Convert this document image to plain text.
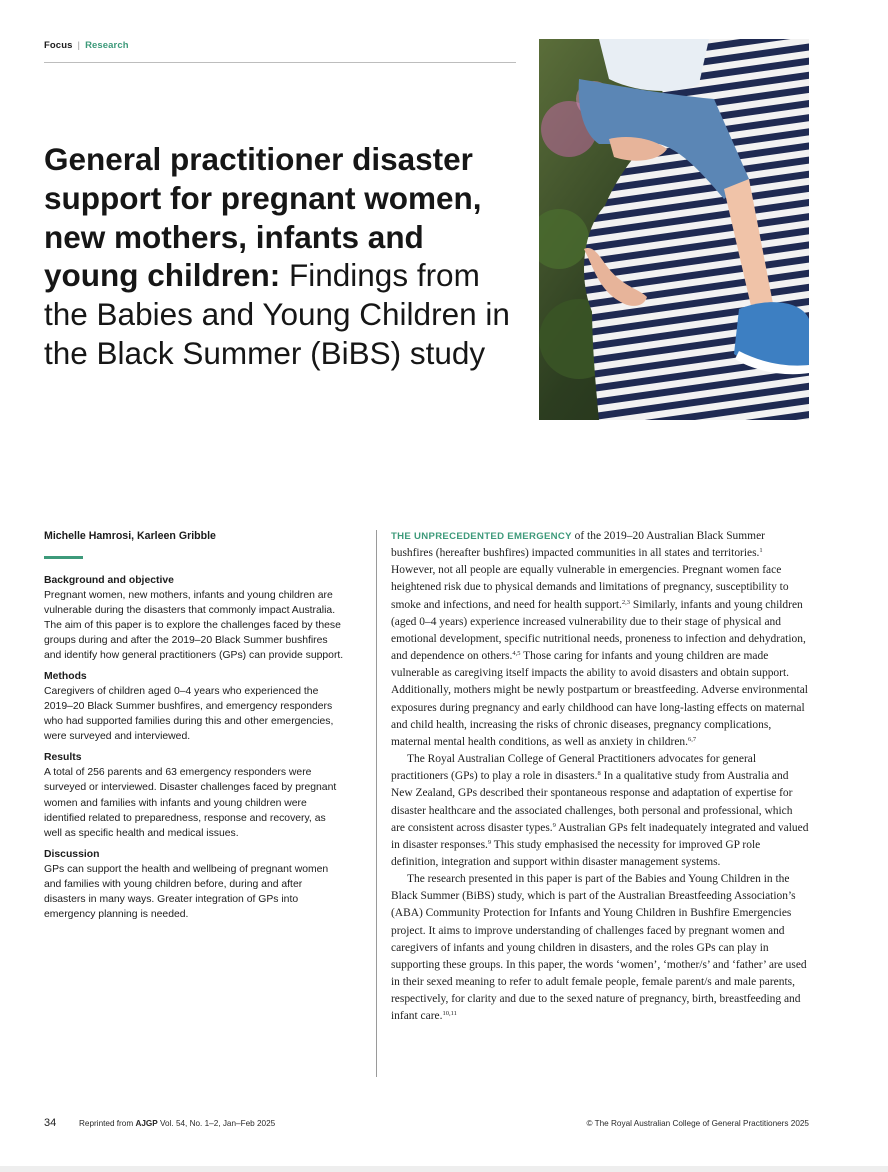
Focus | Research
General practitioner disaster support for pregnant women, new mothers, infants and young children: Findings from the Babies and Young Children in the Black Summer (BiBS) study
Michelle Hamrosi, Karleen Gribble
Background and objective

Pregnant women, new mothers, infants and young children are vulnerable during the disasters that commonly impact Australia. The aim of this paper is to explore the challenges faced by these groups during and after the 2019–20 Black Summer bushfires and identify how general practitioners (GPs) can provide support.

Methods

Caregivers of children aged 0–4 years who experienced the 2019–20 Black Summer bushfires, and emergency responders who had supported families during this and other emergencies, were surveyed and interviewed.

Results

A total of 256 parents and 63 emergency responders were surveyed or interviewed. Disaster challenges faced by pregnant women and families with infants and young children were identified related to preparedness, response and recovery, as well as specific health and medical issues.

Discussion

GPs can support the health and wellbeing of pregnant women and families with young children before, during and after disasters in many ways. Greater integration of GPs into emergency planning is needed.

THE UNPRECEDENTED EMERGENCY of the 2019–20 Australian Black Summer bushfires (hereafter bushfires) impacted communities in all states and territories.$^1$ However, not all people are equally vulnerable in emergencies. Pregnant women face heightened risk due to physical demands and limitations of pregnancy, susceptibility to smoke and infections, and need for health support.$^{2,3}$ Similarly, infants and young children (aged 0–4 years) experience increased vulnerability due to their stage of physical and emotional development, specific nutritional needs, proneness to infection and dehydration, and dependence on others.$^{4,5}$ Those caring for infants and young children are made vulnerable as caregiving itself impacts the ability to avoid disasters and obtain support. Additionally, mothers might be newly postpartum or breastfeeding. Adverse environmental exposures during pregnancy and early childhood can have long-lasting effects on maternal and child health, increasing the risks of chronic diseases, pregnancy complications, maternal mental health conditions, as well as anxiety in children.$^{6,7}$

The Royal Australian College of General Practitioners advocates for general practitioners (GPs) to play a role in disasters.$^8$ In a qualitative study from Australia and New Zealand, GPs described their spontaneous response and adaptation of expertise for disaster healthcare and the associated challenges, both personal and professional, which are consistent across disaster types.$^9$ Australian GPs felt inadequately integrated and valued in disaster responses.$^9$ This study emphasised the necessity for improved GP role definition, integration and support within disaster management systems.

The research presented in this paper is part of the Babies and Young Children in the Black Summer (BiBS) study, which is part of the Australian Breastfeeding Association’s (ABA) Community Protection for Infants and Young Children in Bushfire Emergencies project. It aims to improve understanding of challenges faced by pregnant women and caregivers of infants and young children in disasters, and the roles GPs can play in supporting these groups. In this paper, the words ‘women’, ‘mother/s’ and ‘father’ are used in their sexed meaning to refer to adult female people, female parent/s and male parents, respectively, for clarity and due to the sexed nature of pregnancy, birth, breastfeeding and infant care.$^{10,11}$

34	Reprinted from AJGP Vol. 54, No. 1–2, Jan–Feb 2025	© The Royal Australian College of General Practitioners 2025
